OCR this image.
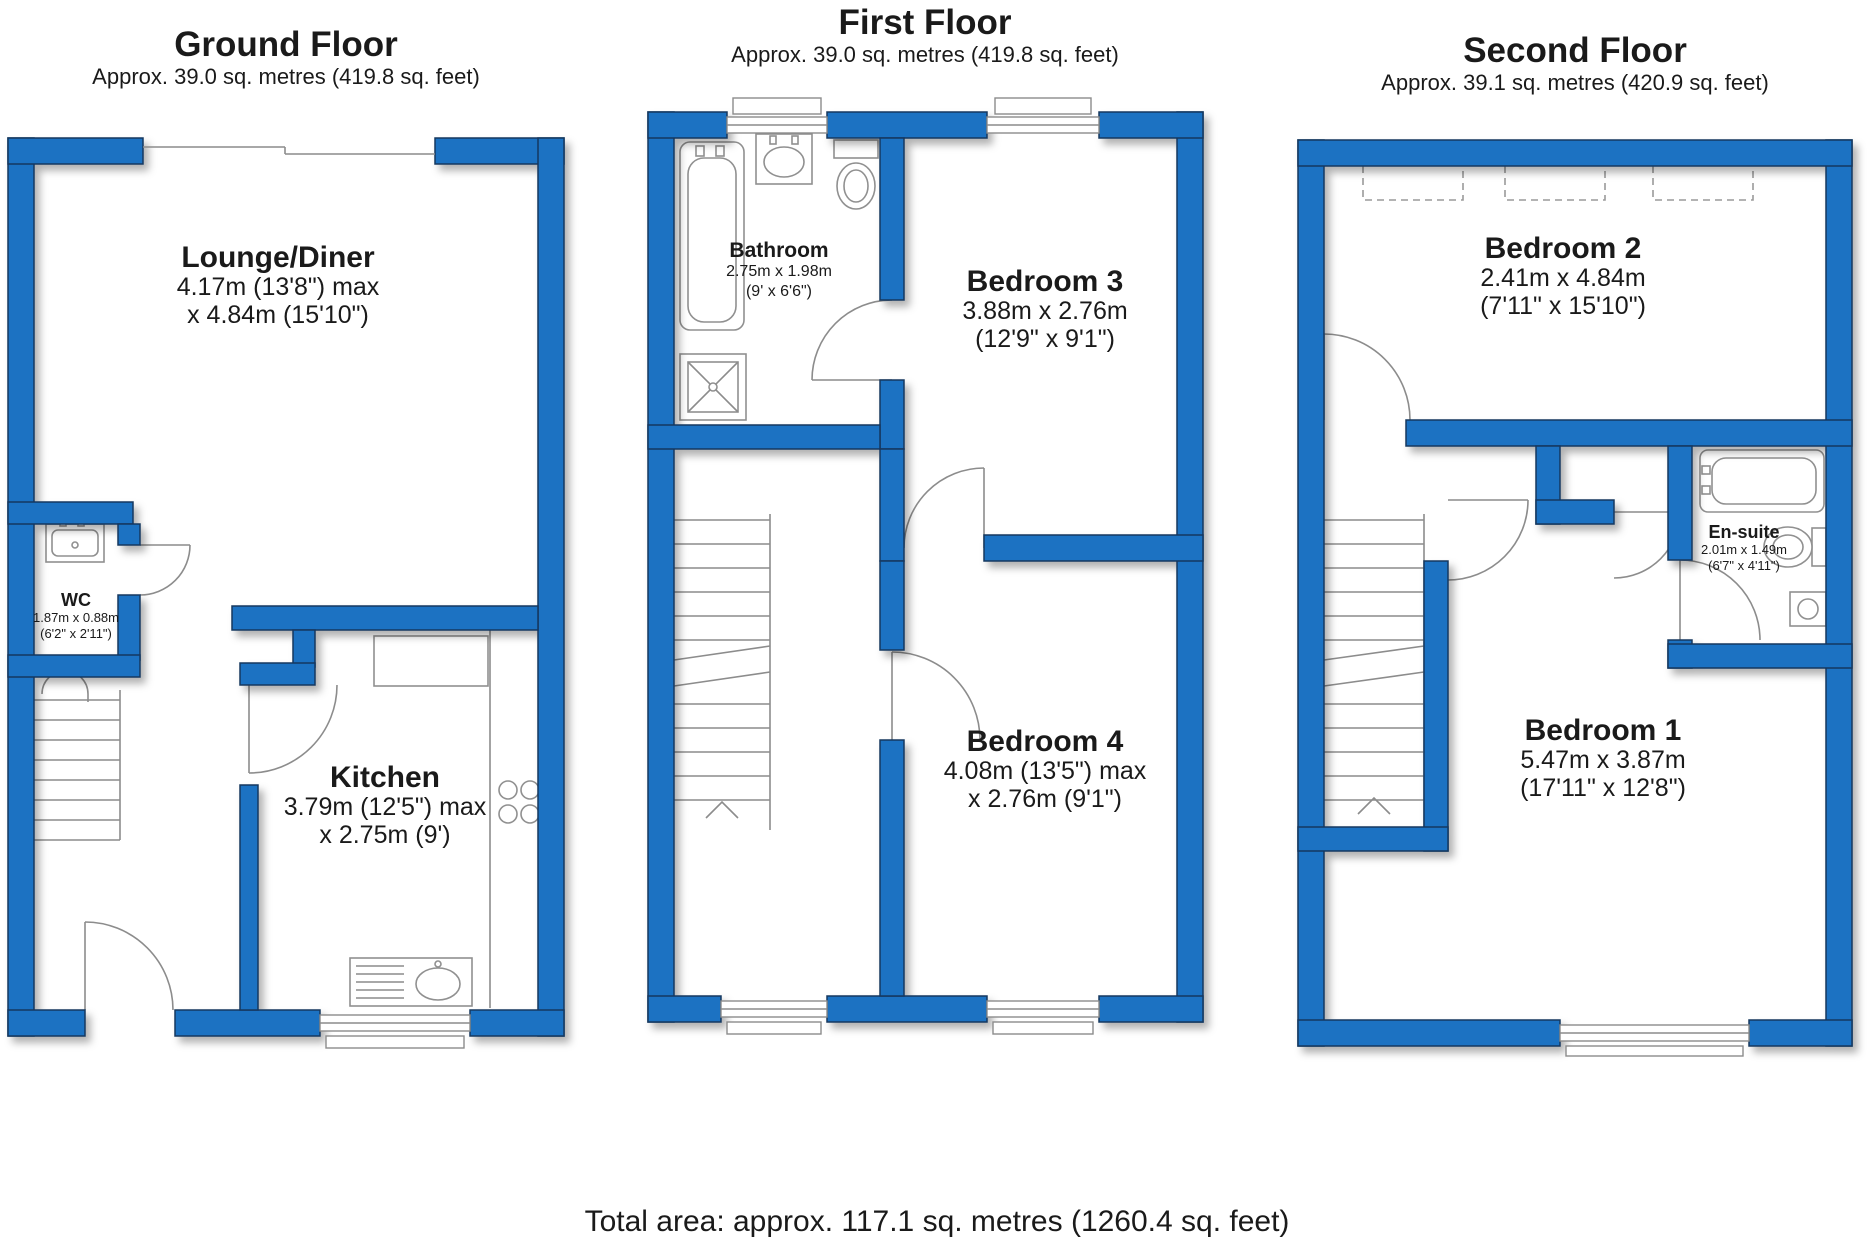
Ground Floor
Approx. 39.0 sq. metres (419.8 sq. feet)
First Floor
Approx. 39.0 sq. metres (419.8 sq. feet)	Second Floor
Approx. 39.1 sq. metres (420.9 sq. feet)
Lounge/Diner
4.17m (13'8") max
x 4.84m (15'10")
WC
1.87m x 0.88m
(6'2" x 2'11")
Kitchen
3.79m (12'5") max
x 2.75m (9')
Bathroom
2.75m x 1.98m
(9' x 6'6")	Bedroom 3
3.88m x 2.76m
(12'9" x 9'1")
Bedroom 4
4.08m (13'5") max
x 2.76m (9'1")
Bedroom 2
2.41m x 4.84m
(7'11" x 15'10")
En-suite
2.01m x 1.49m
(6'7" x 4'11")
Bedroom 1
5.47m x 3.87m
(17'11" x 12'8")
Total area: approx. 117.1 sq. metres (1260.4 sq. feet)
